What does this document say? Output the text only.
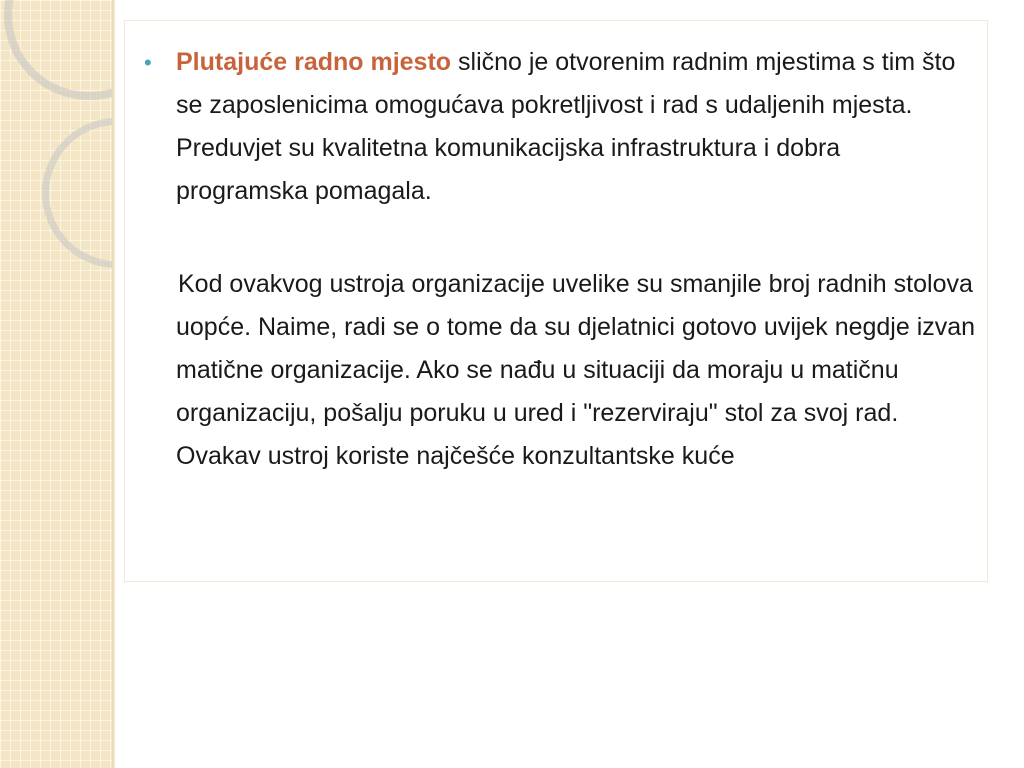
• Plutajuće radno mjesto slično je otvorenim radnim mjestima s tim što se zaposlenicima omogućava pokretljivost i rad s udaljenih mjesta. Preduvjet su kvalitetna komunikacijska infrastruktura i dobra programska pomagala.

Kod ovakvog ustroja organizacije uvelike su smanjile broj radnih stolova uopće. Naime, radi se o tome da su djelatnici gotovo uvijek negdje izvan matične organizacije. Ako se nađu u situaciji da moraju u matičnu organizaciju, pošalju poruku u ured i "rezerviraju" stol za svoj rad. Ovakav ustroj koriste najčešće konzultantske kuće
